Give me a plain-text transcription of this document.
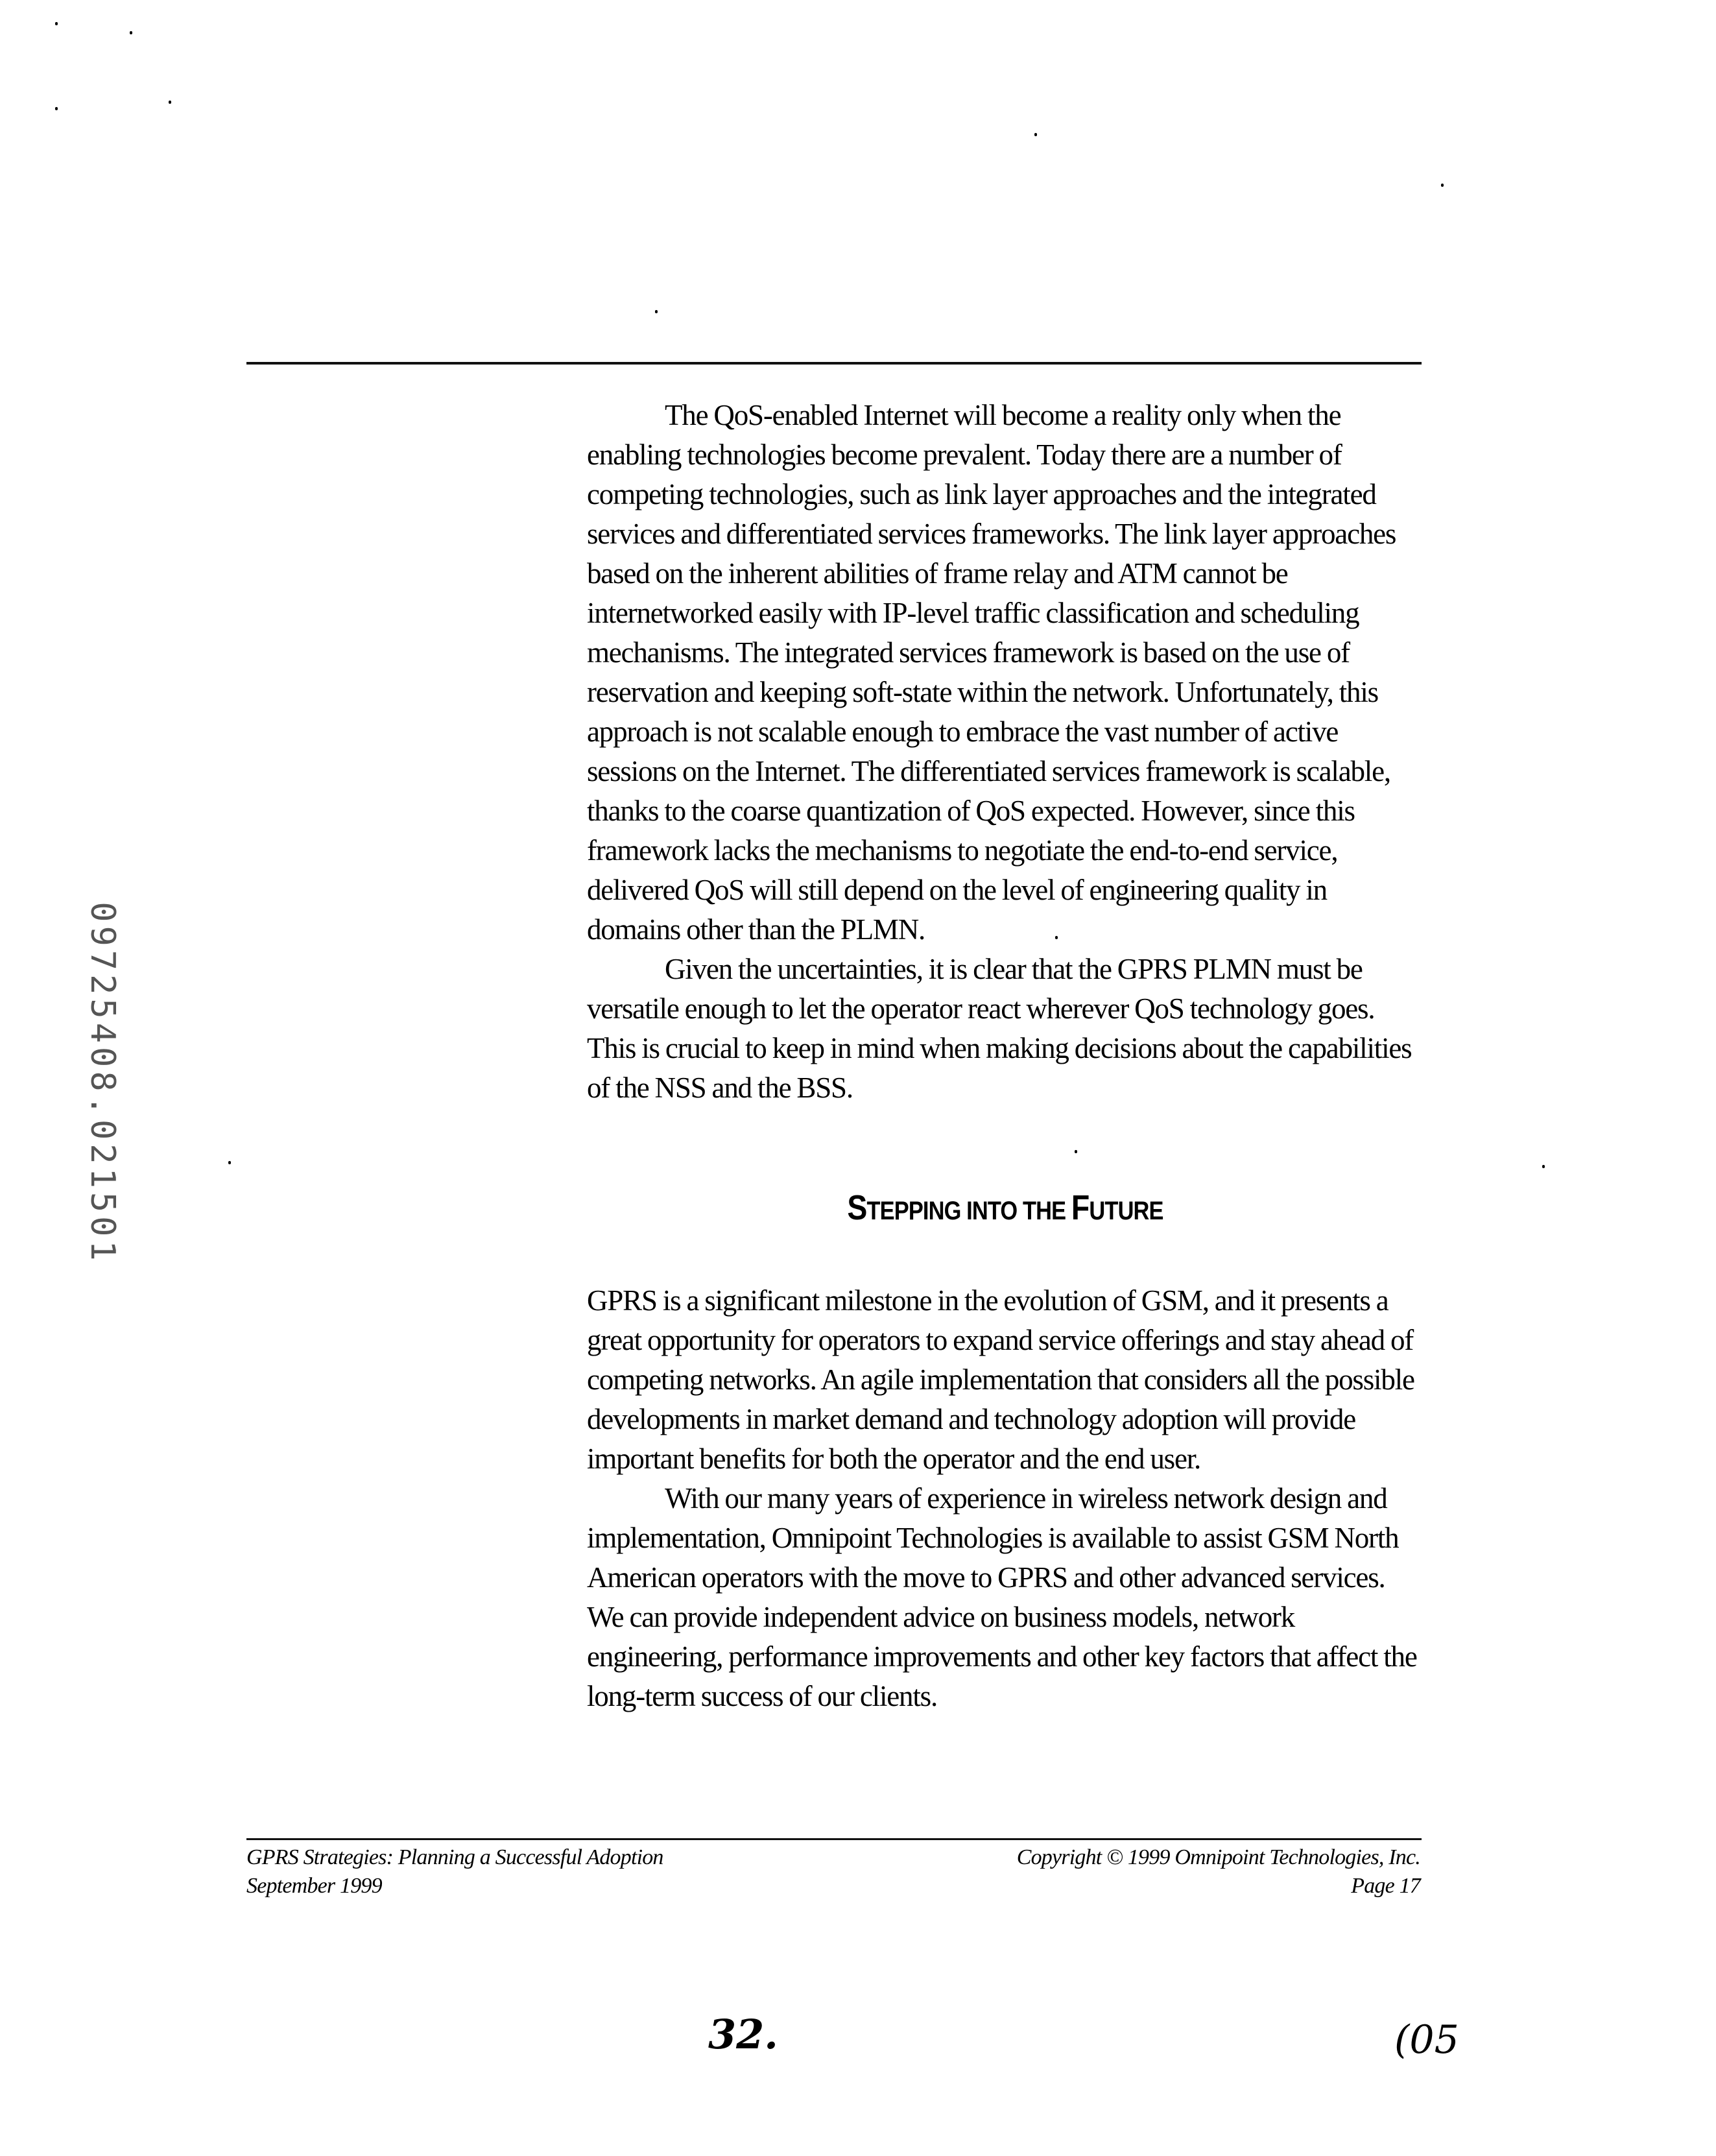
The QoS-enabled Internet will become a reality only when the enabling technologies become prevalent. Today there are a number of competing technologies, such as link layer approaches and the integrated services and differentiated services frameworks. The link layer approaches based on the inherent abilities of frame relay and ATM cannot be internetworked easily with IP-level traffic classification and scheduling mechanisms. The integrated services framework is based on the use of reservation and keeping soft-state within the network. Unfortunately, this approach is not scalable enough to embrace the vast number of active sessions on the Internet. The differentiated services framework is scalable, thanks to the coarse quantization of QoS expected. However, since this framework lacks the mechanisms to negotiate the end-to-end service, delivered QoS will still depend on the level of engineering quality in domains other than the PLMN.

Given the uncertainties, it is clear that the GPRS PLMN must be versatile enough to let the operator react wherever QoS technology goes. This is crucial to keep in mind when making decisions about the capabilities of the NSS and the BSS.

STEPPING INTO THE FUTURE

GPRS is a significant milestone in the evolution of GSM, and it presents a great opportunity for operators to expand service offerings and stay ahead of competing networks. An agile implementation that considers all the possible developments in market demand and technology adoption will provide important benefits for both the operator and the end user.

With our many years of experience in wireless network design and implementation, Omnipoint Technologies is available to assist GSM North American operators with the move to GPRS and other advanced services. We can provide independent advice on business models, network engineering, performance improvements and other key factors that affect the long-term success of our clients.

GPRS Strategies: Planning a Successful Adoption
September 1999
Copyright © 1999 Omnipoint Technologies, Inc.
Page 17
09725408.021501
32.	(05
